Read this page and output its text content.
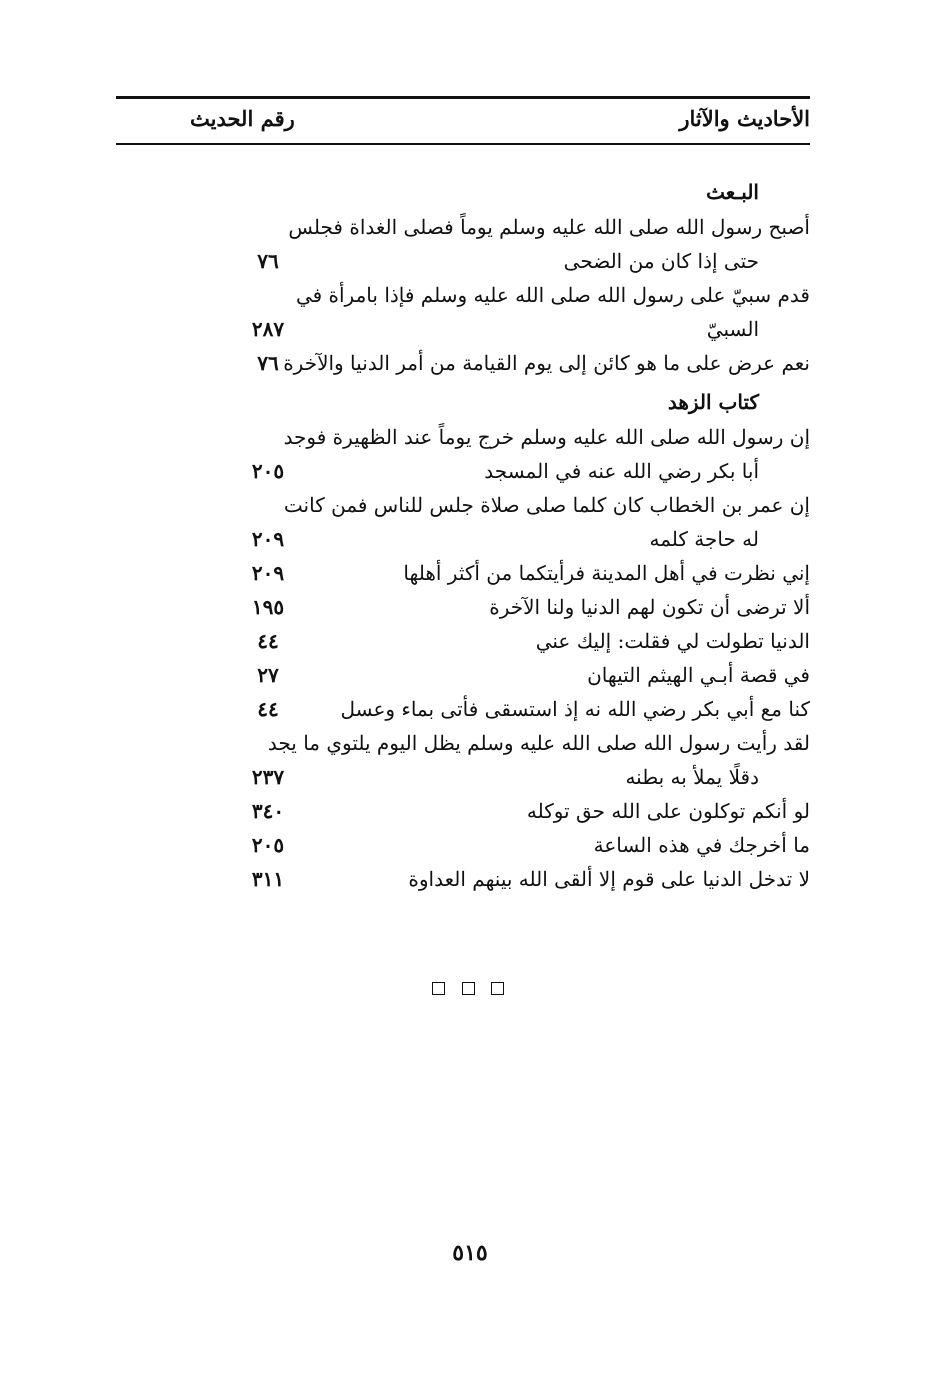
الأحاديث والآثار
رقم الحديث
البـعث
أصبح رسول الله صلى الله عليه وسلم يوماً فصلى الغداة فجلس
حتى إذا كان من الضحى
٧٦
قدم سبيّ على رسول الله صلى الله عليه وسلم فإذا بامرأة في
السبيّ
٢٨٧
نعم عرض على ما هو كائن إلى يوم القيامة من أمر الدنيا والآخرة
٧٦
كتاب الزهد
إن رسول الله صلى الله عليه وسلم خرج يوماً عند الظهيرة فوجد
أبا بكر رضي الله عنه في المسجد
٢٠٥
إن عمر بن الخطاب كان كلما صلى صلاة جلس للناس فمن كانت
له حاجة كلمه
٢٠٩
إني نظرت في أهل المدينة فرأيتكما من أكثر أهلها
٢٠٩
ألا ترضى أن تكون لهم الدنيا ولنا الآخرة
١٩٥
الدنيا تطولت لي فقلت: إليك عني
٤٤
في قصة أبـي الهيثم التيهان
٢٧
كنا مع أبي بكر رضي الله نه إذ استسقى فأتى بماء وعسل
٤٤
لقد رأيت رسول الله صلى الله عليه وسلم يظل اليوم يلتوي ما يجد
دقلًا يملأ به بطنه
٢٣٧
لو أنكم توكلون على الله حق توكله
٣٤٠
ما أخرجك في هذه الساعة
٢٠٥
لا تدخل الدنيا على قوم إلا ألقى الله بينهم العداوة
٣١١
٥١٥
